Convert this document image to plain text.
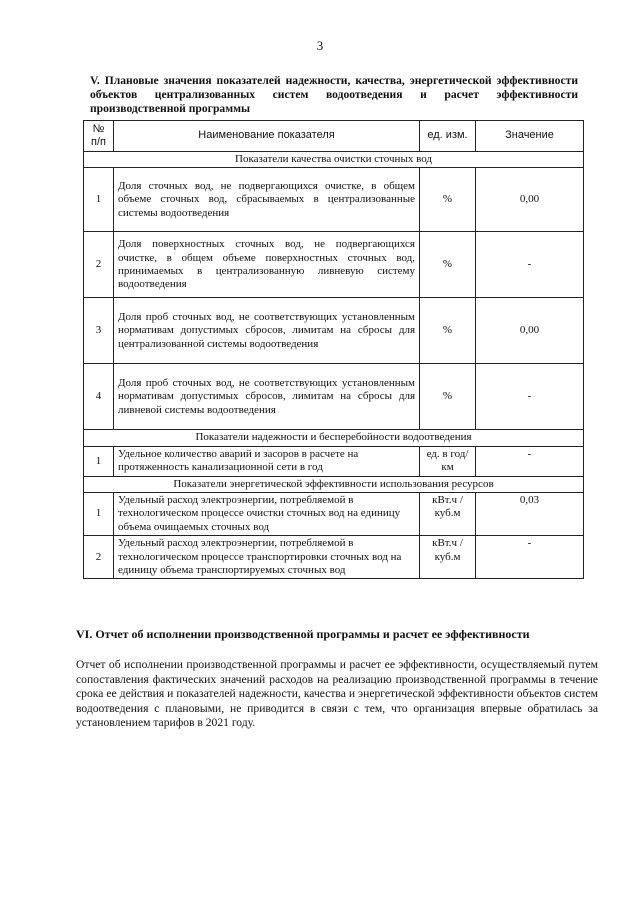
3
V. Плановые значения показателей надежности, качества, энергетической эффективности объектов централизованных систем водоотведения и расчет эффективности производственной программы
№ п/п	Наименование показателя	ед. изм.	Значение
Показатели качества очистки сточных вод			
1	Доля сточных вод, не подвергающихся очистке, в общем объеме сточных вод, сбрасываемых в централизованные системы водоотведения	%	0,00
2	Доля поверхностных сточных вод, не подвергающихся очистке, в общем объеме поверхностных сточных вод, принимаемых в централизованную ливневую систему водоотведения	%	-
3	Доля проб сточных вод, не соответствующих установленным нормативам допустимых сбросов, лимитам на сбросы для централизованной системы водоотведения	%	0,00
4	Доля проб сточных вод, не соответствующих установленным нормативам допустимых сбросов, лимитам на сбросы для ливневой системы водоотведения	%	-
Показатели надежности и бесперебойности водоотведения			
1	Удельное количество аварий и засоров в расчете на протяженность канализационной сети в год	ед. в год/ км	-
Показатели энергетической эффективности использования ресурсов			
1	Удельный расход электроэнергии, потребляемой в технологическом процессе очистки сточных вод на единицу объема очищаемых сточных вод	кВт.ч / куб.м	0,03
2	Удельный расход электроэнергии, потребляемой в технологическом процессе транспортировки сточных вод на единицу объема транспортируемых сточных вод	кВт.ч / куб.м	-
VI. Отчет об исполнении производственной программы и расчет ее эффективности
Отчет об исполнении производственной программы и расчет ее эффективности, осуществляемый путем сопоставления фактических значений расходов на реализацию производственной программы в течение срока ее действия и показателей надежности, качества и энергетической эффективности объектов систем водоотведения с плановыми, не приводится в связи с тем, что организация впервые обратилась за установлением тарифов в 2021 году.
